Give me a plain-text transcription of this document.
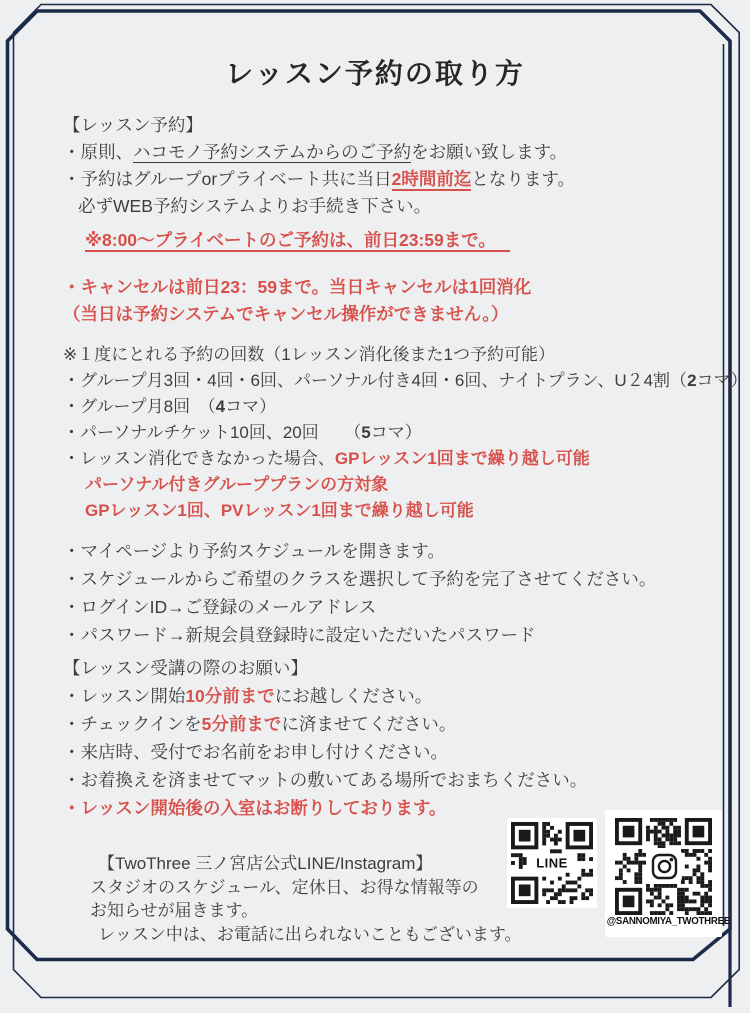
レッスン予約の取り方
【レッスン予約】
・原則、ハコモノ予約システムからのご予約をお願い致します。
・予約はグループorプライベート共に当日2時間前迄となります。
必ずWEB予約システムよりお手続き下さい。
※8:00～プライベートのご予約は、前日23:59まで。
・キャンセルは前日23：59まで。当日キャンセルは1回消化
（当日は予約システムでキャンセル操作ができません。）
※１度にとれる予約の回数（1レッスン消化後また1つ予約可能）
・グループ月3回・4回・6回、パーソナル付き4回・6回、ナイトプラン、U２4割（2コマ）
・グループ月8回　（4コマ）
・パーソナルチケット10回、20回　　（5コマ）
・レッスン消化できなかった場合、GPレッスン1回まで繰り越し可能
パーソナル付きグループプランの方対象
GPレッスン1回、PVレッスン1回まで繰り越し可能
・マイページより予約スケジュールを開きます。
・スケジュールからご希望のクラスを選択して予約を完了させてください。
・ログインID→ご登録のメールアドレス
・パスワード→新規会員登録時に設定いただいたパスワード
【レッスン受講の際のお願い】
・レッスン開始10分前までにお越しください。
・チェックインを5分前までに済ませてください。
・来店時、受付でお名前をお申し付けください。
・お着換えを済ませてマットの敷いてある場所でおまちください。
・レッスン開始後の入室はお断りしております。
【TwoThree 三ノ宮店公式LINE/Instagram】
スタジオのスケジュール、定休日、お得な情報等の
お知らせが届きます。
レッスン中は、お電話に出られないこともございます。
LINE
@SANNOMIYA_TWOTHREE
